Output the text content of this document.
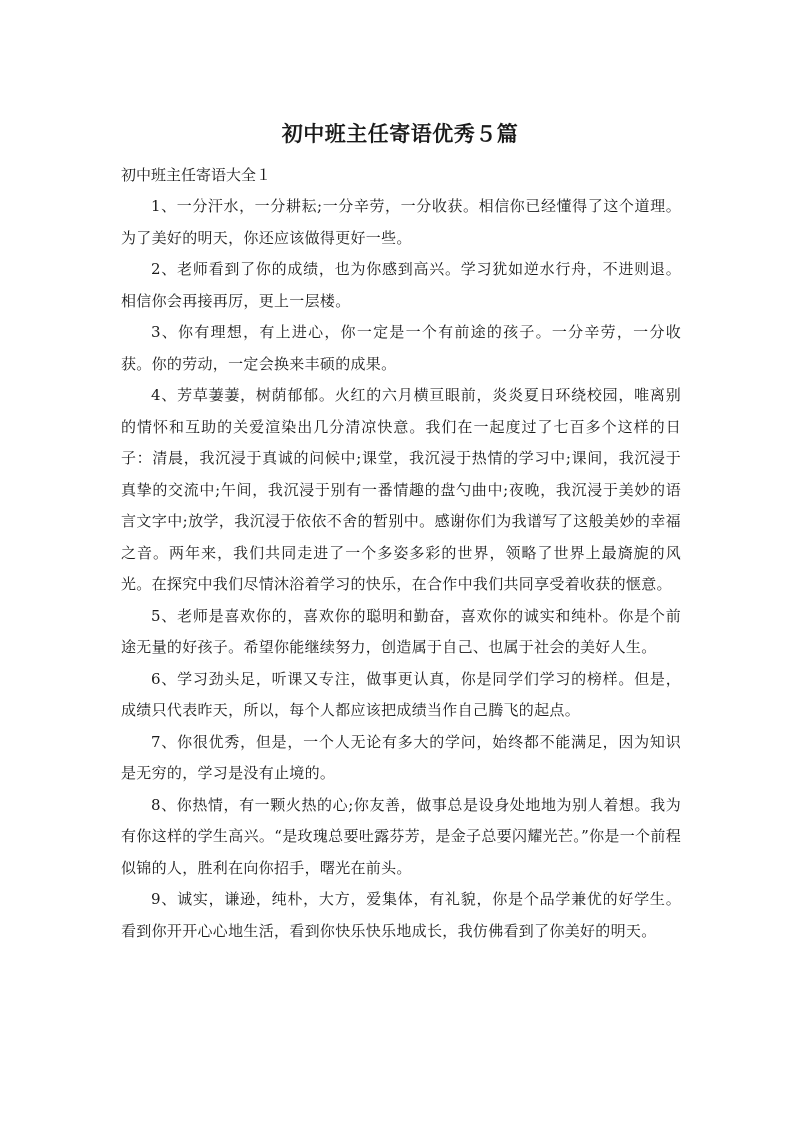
初中班主任寄语优秀５篇

初中班主任寄语大全１

1、一分汗水，一分耕耘;一分辛劳，一分收获。相信你已经懂得了这个道理。为了美好的明天，你还应该做得更好一些。

2、老师看到了你的成绩，也为你感到高兴。学习犹如逆水行舟，不进则退。相信你会再接再厉，更上一层楼。

3、你有理想，有上进心，你一定是一个有前途的孩子。一分辛劳，一分收获。你的劳动，一定会换来丰硕的成果。

4、芳草萋萋，树荫郁郁。火红的六月横亘眼前，炎炎夏日环绕校园，唯离别的情怀和互助的关爱渲染出几分清凉快意。我们在一起度过了七百多个这样的日子：清晨，我沉浸于真诚的问候中;课堂，我沉浸于热情的学习中;课间，我沉浸于真挚的交流中;午间，我沉浸于别有一番情趣的盘勺曲中;夜晚，我沉浸于美妙的语言文字中;放学，我沉浸于依依不舍的暂别中。感谢你们为我谱写了这般美妙的幸福之音。两年来，我们共同走进了一个多姿多彩的世界，领略了世界上最旖旎的风光。在探究中我们尽情沐浴着学习的快乐，在合作中我们共同享受着收获的惬意。

5、老师是喜欢你的，喜欢你的聪明和勤奋，喜欢你的诚实和纯朴。你是个前途无量的好孩子。希望你能继续努力，创造属于自己、也属于社会的美好人生。

6、学习劲头足，听课又专注，做事更认真，你是同学们学习的榜样。但是，成绩只代表昨天，所以，每个人都应该把成绩当作自己腾飞的起点。

7、你很优秀，但是，一个人无论有多大的学问，始终都不能满足，因为知识是无穷的，学习是没有止境的。

8、你热情，有一颗火热的心;你友善，做事总是设身处地地为别人着想。我为有你这样的学生高兴。“是玫瑰总要吐露芬芳，是金子总要闪耀光芒。”你是一个前程似锦的人，胜利在向你招手，曙光在前头。

9、诚实，谦逊，纯朴，大方，爱集体，有礼貌，你是个品学兼优的好学生。看到你开开心心地生活，看到你快乐快乐地成长，我仿佛看到了你美好的明天。
